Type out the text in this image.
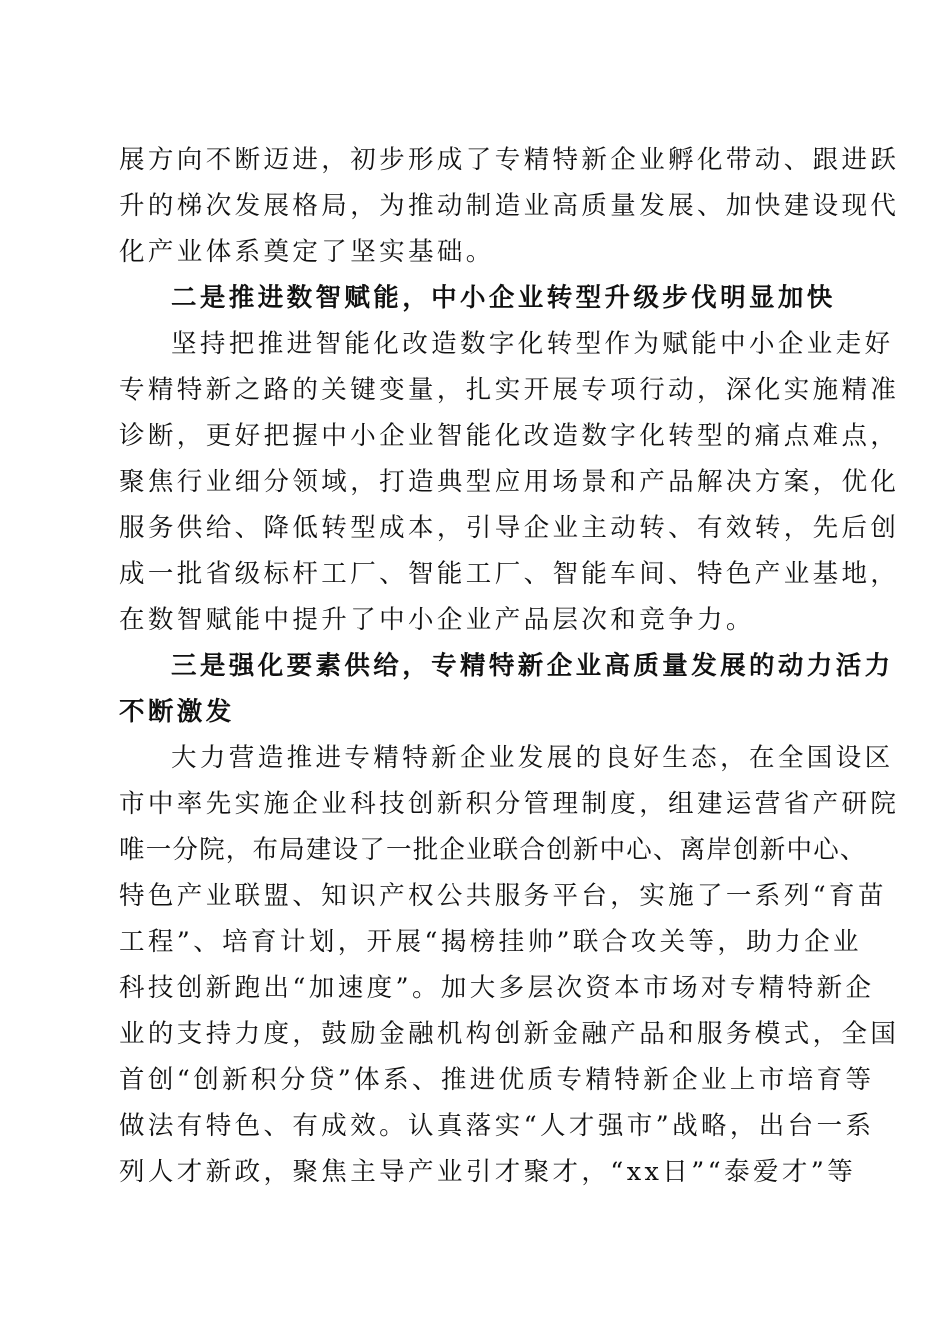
展方向不断迈进，初步形成了专精特新企业孵化带动、跟进跃
升的梯次发展格局，为推动制造业高质量发展、加快建设现代
化产业体系奠定了坚实基础。
二是推进数智赋能，中小企业转型升级步伐明显加快
坚持把推进智能化改造数字化转型作为赋能中小企业走好
专精特新之路的关键变量，扎实开展专项行动，深化实施精准
诊断，更好把握中小企业智能化改造数字化转型的痛点难点，
聚焦行业细分领域，打造典型应用场景和产品解决方案，优化
服务供给、降低转型成本，引导企业主动转、有效转，先后创
成一批省级标杆工厂、智能工厂、智能车间、特色产业基地，
在数智赋能中提升了中小企业产品层次和竞争力。
三是强化要素供给，专精特新企业高质量发展的动力活力
不断激发
大力营造推进专精特新企业发展的良好生态，在全国设区
市中率先实施企业科技创新积分管理制度，组建运营省产研院
唯一分院，布局建设了一批企业联合创新中心、离岸创新中心、
特色产业联盟、知识产权公共服务平台，实施了一系列“育苗
工程”、培育计划，开展“揭榜挂帅”联合攻关等，助力企业
科技创新跑出“加速度”。加大多层次资本市场对专精特新企
业的支持力度，鼓励金融机构创新金融产品和服务模式，全国
首创“创新积分贷”体系、推进优质专精特新企业上市培育等
做法有特色、有成效。认真落实“人才强市”战略，出台一系
列人才新政，聚焦主导产业引才聚才，“xx日”“泰爱才”等
